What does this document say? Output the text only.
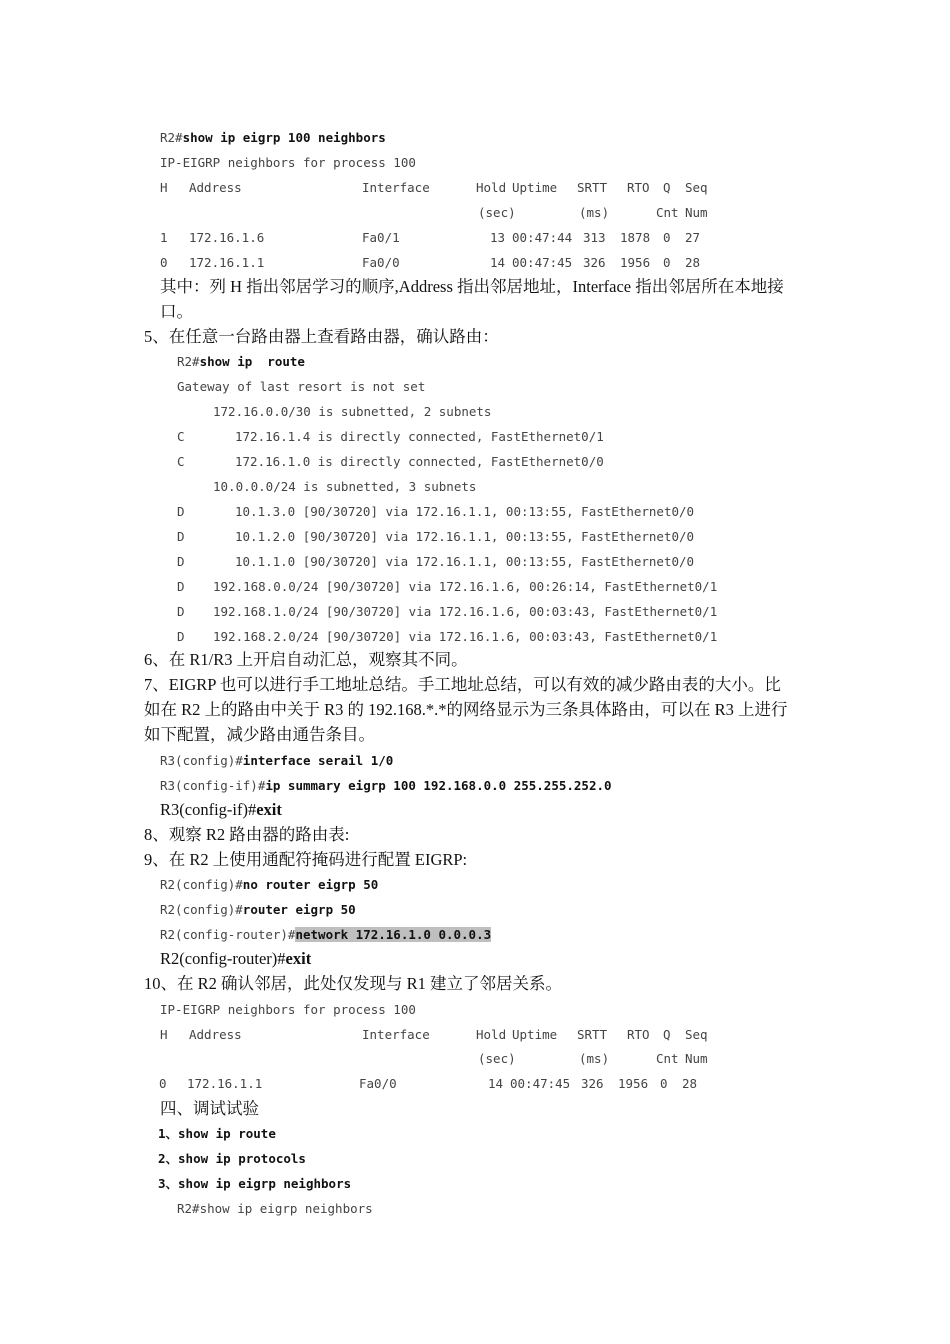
R2#show ip eigrp 100 neighbors
IP-EIGRP neighbors for process 100
H Address	Interface	Hold Uptime SRTT RTO Q Seq
(sec)	(ms)	Cnt Num
1 172.16.1.6	Fa0/1	13 00:47:44 313 1878 0 27
0 172.16.1.1	Fa0/0	14 00:47:45 326 1956 0 28
其中：列 H 指出邻居学习的顺序,Address 指出邻居地址，Interface 指出邻居所在本地接
口。
5、在任意一台路由器上查看路由器，确认路由：
R2#show ip  route
Gateway of last resort is not set
172.16.0.0/30 is subnetted, 2 subnets
C	172.16.1.4 is directly connected, FastEthernet0/1
C	172.16.1.0 is directly connected, FastEthernet0/0
10.0.0.0/24 is subnetted, 3 subnets
D	10.1.3.0 [90/30720] via 172.16.1.1, 00:13:55, FastEthernet0/0
D	10.1.2.0 [90/30720] via 172.16.1.1, 00:13:55, FastEthernet0/0
D	10.1.1.0 [90/30720] via 172.16.1.1, 00:13:55, FastEthernet0/0
D 192.168.0.0/24 [90/30720] via 172.16.1.6, 00:26:14, FastEthernet0/1
D 192.168.1.0/24 [90/30720] via 172.16.1.6, 00:03:43, FastEthernet0/1
D 192.168.2.0/24 [90/30720] via 172.16.1.6, 00:03:43, FastEthernet0/1
6、在 R1/R3 上开启自动汇总，观察其不同。
7、EIGRP 也可以进行手工地址总结。手工地址总结，可以有效的减少路由表的大小。比
如在 R2 上的路由中关于 R3 的 192.168.*.*的网络显示为三条具体路由，可以在 R3 上进行
如下配置，减少路由通告条目。
R3(config)#interface serail 1/0
R3(config-if)#ip summary eigrp 100 192.168.0.0 255.255.252.0
R3(config-if)#exit
8、观察 R2 路由器的路由表:
9、在 R2 上使用通配符掩码进行配置 EIGRP:
R2(config)#no router eigrp 50
R2(config)#router eigrp 50
R2(config-router)#network 172.16.1.0 0.0.0.3
R2(config-router)#exit
10、在 R2 确认邻居，此处仅发现与 R1 建立了邻居关系。
IP-EIGRP neighbors for process 100
H Address	Interface	Hold Uptime SRTT RTO Q Seq
(sec)	(ms)	Cnt Num
0 172.16.1.1	Fa0/0	14 00:47:45 326 1956 0 28
四、调试试验
1、show ip route
2、show ip protocols
3、show ip eigrp neighbors
R2#show ip eigrp neighbors
